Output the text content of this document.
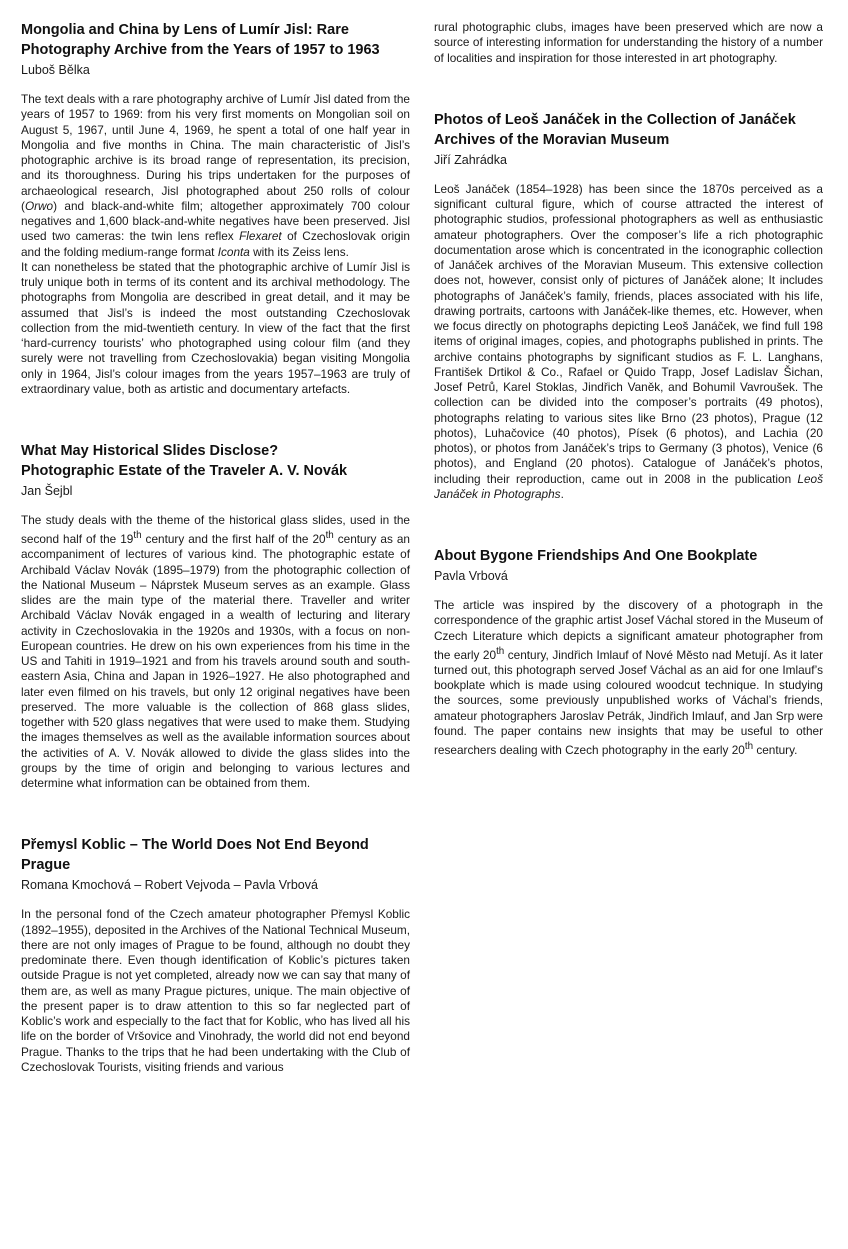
Mongolia and China by Lens of Lumír Jisl: Rare
Photography Archive from the Years of 1957 to 1963

Luboš Bělka

The text deals with a rare photography archive of Lumír Jisl dated from the years of 1957 to 1969: from his very first moments on Mongolian soil on August 5, 1967, until June 4, 1969, he spent a total of one half year in Mongolia and five months in China. The main characteristic of Jisl’s photographic archive is its broad range of representation, its precision, and its thoroughness. During his trips undertaken for the purposes of archaeological research, Jisl photographed about 250 rolls of colour (Orwo) and black-and-white film; altogether approximately 700 colour negatives and 1,600 black-and-white negatives have been preserved. Jisl used two cameras: the twin lens reflex Flexaret of Czechoslovak origin and the folding medium-range format Iconta with its Zeiss lens.

It can nonetheless be stated that the photographic archive of Lumír Jisl is truly unique both in terms of its content and its archival methodology. The photographs from Mongolia are described in great detail, and it may be assumed that Jisl’s is indeed the most outstanding Czechoslovak collection from the mid-twentieth century. In view of the fact that the first ‘hard-currency tourists’ who photographed using colour film (and they surely were not travelling from Czechoslovakia) began visiting Mongolia only in 1964, Jisl’s colour images from the years 1957–1963 are truly of extraordinary value, both as artistic and documentary artefacts.

What May Historical Slides Disclose?
Photographic Estate of the Traveler A. V. Novák

Jan Šejbl

The study deals with the theme of the historical glass slides, used in the second half of the 19th century and the first half of the 20th century as an accompaniment of lectures of various kind. The photographic estate of Archibald Václav Novák (1895–1979) from the photographic collection of the National Museum – Náprstek Museum serves as an example. Glass slides are the main type of the material there. Traveller and writer Archibald Václav Novák engaged in a wealth of lecturing and literary activity in Czechoslovakia in the 1920s and 1930s, with a focus on non-European countries. He drew on his own experiences from his time in the US and Tahiti in 1919–1921 and from his travels around south and south-eastern Asia, China and Japan in 1926–1927. He also photographed and later even filmed on his travels, but only 12 original negatives have been preserved. The more valuable is the collection of 868 glass slides, together with 520 glass negatives that were used to make them. Studying the images themselves as well as the available information sources about the activities of A. V. Novák allowed to divide the glass slides into the groups by the time of origin and belonging to various lectures and determine what information can be obtained from them.

Přemysl Koblic – The World Does Not End Beyond Prague

Romana Kmochová – Robert Vejvoda – Pavla Vrbová

In the personal fond of the Czech amateur photographer Přemysl Koblic (1892–1955), deposited in the Archives of the National Technical Museum, there are not only images of Prague to be found, although no doubt they predominate there. Even though identification of Koblic’s pictures taken outside Prague is not yet completed, already now we can say that many of them are, as well as many Prague pictures, unique. The main objective of the present paper is to draw attention to this so far neglected part of Koblic’s work and especially to the fact that for Koblic, who has lived all his life on the border of Vršovice and Vinohrady, the world did not end beyond Prague. Thanks to the trips that he had been undertaking with the Club of Czechoslovak Tourists, visiting friends and various

rural photographic clubs, images have been preserved which are now a source of interesting information for understanding the history of a number of localities and inspiration for those interested in art photography.

Photos of Leoš Janáček in the Collection of Janáček
Archives of the Moravian Museum

Jiří Zahrádka

Leoš Janáček (1854–1928) has been since the 1870s perceived as a significant cultural figure, which of course attracted the interest of photographic studios, professional photographers as well as enthusiastic amateur photographers. Over the composer’s life a rich photographic documentation arose which is concentrated in the iconographic collection of Janáček archives of the Moravian Museum. This extensive collection does not, however, consist only of pictures of Janáček alone; It includes photographs of Janáček’s family, friends, places associated with his life, drawing portraits, cartoons with Janáček-like themes, etc. However, when we focus directly on photographs depicting Leoš Janáček, we find full 198 items of original images, copies, and photographs published in prints. The archive contains photographs by significant studios as F. L. Langhans, František Drtikol & Co., Rafael or Quido Trapp, Josef Ladislav Šichan, Josef Petrů, Karel Stoklas, Jindřich Vaněk, and Bohumil Vavroušek. The collection can be divided into the composer’s portraits (49 photos), photographs relating to various sites like Brno (23 photos), Prague (12 photos), Luhačovice (40 photos), Písek (6 photos), and Lachia (20 photos), or photos from Janáček’s trips to Germany (3 photos), Venice (6 photos), and England (20 photos). Catalogue of Janáček’s photos, including their reproduction, came out in 2008 in the publication Leoš Janáček in Photographs.

About Bygone Friendships And One Bookplate

Pavla Vrbová

The article was inspired by the discovery of a photograph in the correspondence of the graphic artist Josef Váchal stored in the Museum of Czech Literature which depicts a significant amateur photographer from the early 20th century, Jindřich Imlauf of Nové Město nad Metují. As it later turned out, this photograph served Josef Váchal as an aid for one Imlauf’s bookplate which is made using coloured woodcut technique. In studying the sources, some previously unpublished works of Váchal’s friends, amateur photographers Jaroslav Petrák, Jindřich Imlauf, and Jan Srp were found. The paper contains new insights that may be useful to other researchers dealing with Czech photography in the early 20th century.
